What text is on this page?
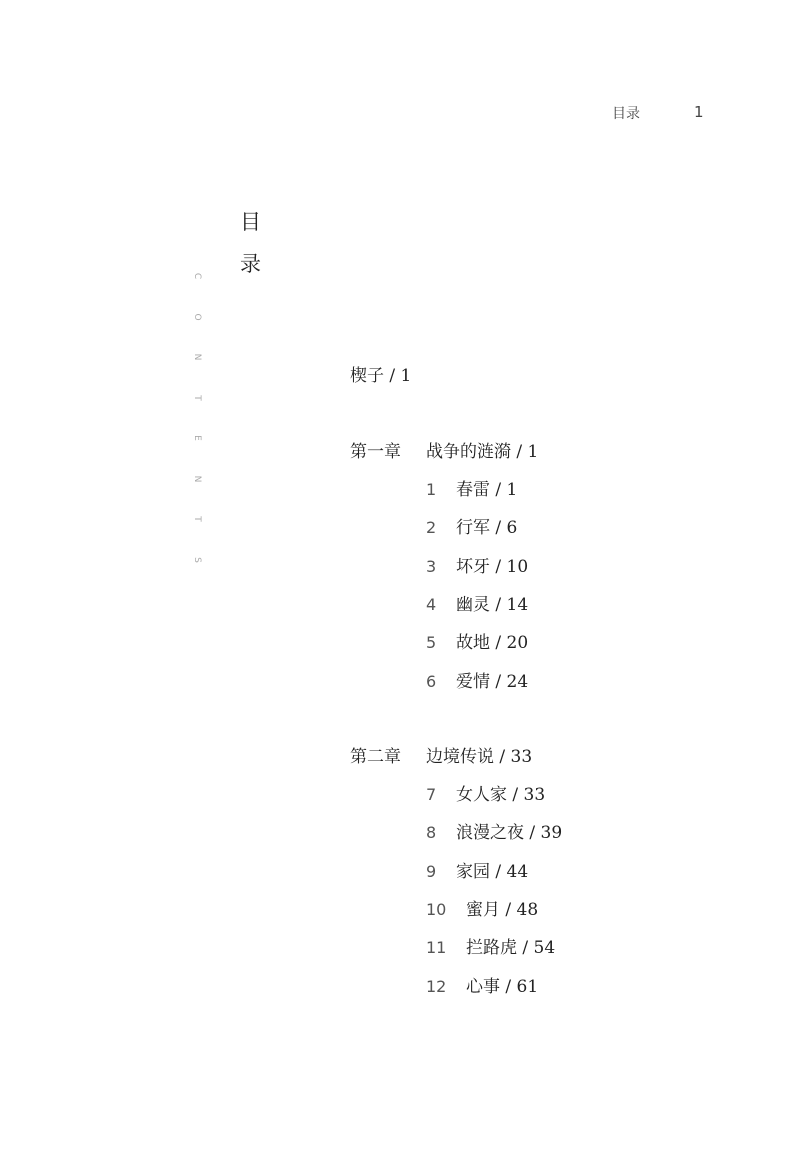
目录	1
目
录
C
O
N
T
E
N
T
S
楔子 / 1
第一章 战争的涟漪 / 1
1 春雷 / 1
2 行军 / 6
3 坏牙 / 10
4 幽灵 / 14
5 故地 / 20
6 爱情 / 24
第二章 边境传说 / 33
7 女人家 / 33
8 浪漫之夜 / 39
9 家园 / 44
10 蜜月 / 48
11 拦路虎 / 54
12 心事 / 61
